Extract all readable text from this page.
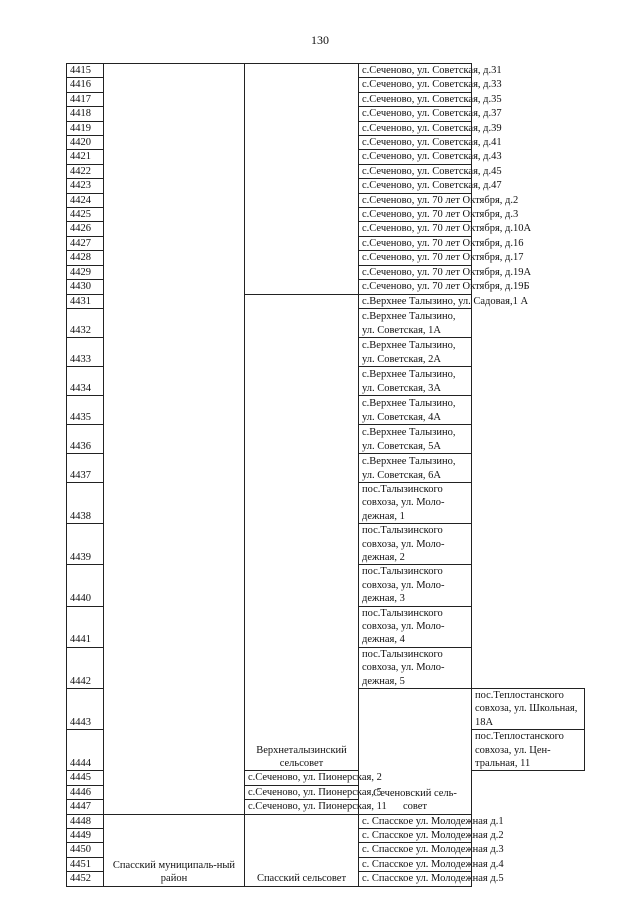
130
4415			с.Сеченово, ул. Советская, д.31	
4416			с.Сеченово, ул. Советская, д.33	
4417			с.Сеченово, ул. Советская, д.35	
4418			с.Сеченово, ул. Советская, д.37	
4419			с.Сеченово, ул. Советская, д.39	
4420			с.Сеченово, ул. Советская, д.41	
4421			с.Сеченово, ул. Советская, д.43	
4422			с.Сеченово, ул. Советская, д.45	
4423			с.Сеченово, ул. Советская, д.47	
4424			с.Сеченово, ул. 70 лет Октября, д.2	
4425			с.Сеченово, ул. 70 лет Октября, д.3	
4426			с.Сеченово, ул. 70 лет Октября, д.10А	
4427			с.Сеченово, ул. 70 лет Октября, д.16	
4428			с.Сеченово, ул. 70 лет Октября, д.17	
4429			с.Сеченово, ул. 70 лет Октября, д.19А	
4430			с.Сеченово, ул. 70 лет Октября, д.19Б	
4431		Верхнеталызинский сельсовет	с.Верхнее Талызино, ул. Садовая,1 А	
4432			с.Верхнее Талызино, ул. Советская, 1А	
4433			с.Верхнее Талызино, ул. Советская, 2А	
4434			с.Верхнее Талызино, ул. Советская, 3А	
4435			с.Верхнее Талызино, ул. Советская, 4А	
4436			с.Верхнее Талызино, ул. Советская, 5А	
4437			с.Верхнее Талызино, ул. Советская, 6А	
4438			пос.Талызинского совхоза, ул. Моло-дежная, 1	
4439			пос.Талызинского совхоза, ул. Моло-дежная, 2	
4440			пос.Талызинского совхоза, ул. Моло-дежная, 3	
4441			пос.Талызинского совхоза, ул. Моло-дежная, 4	
4442			пос.Талызинского совхоза, ул. Моло-дежная, 5	
4443			Сеченовский сель-совет	пос.Теплостанского совхоза, ул. Школьная, 18А
4444				пос.Теплостанского совхоза, ул. Цен-тральная, 11
4445		с.Сеченово, ул. Пионерская, 2		
4446		с.Сеченово, ул. Пионерская, 5		
4447		с.Сеченово, ул. Пионерская, 11		
4448	Спасский муниципаль-ный район	Спасский сельсовет	с. Спасское ул. Молодежная д.1	
4449			с. Спасское ул. Молодежная д.2	
4450			с. Спасское ул. Молодежная д.3	
4451			с. Спасское ул. Молодежная д.4	
4452			с. Спасское ул. Молодежная д.5	
